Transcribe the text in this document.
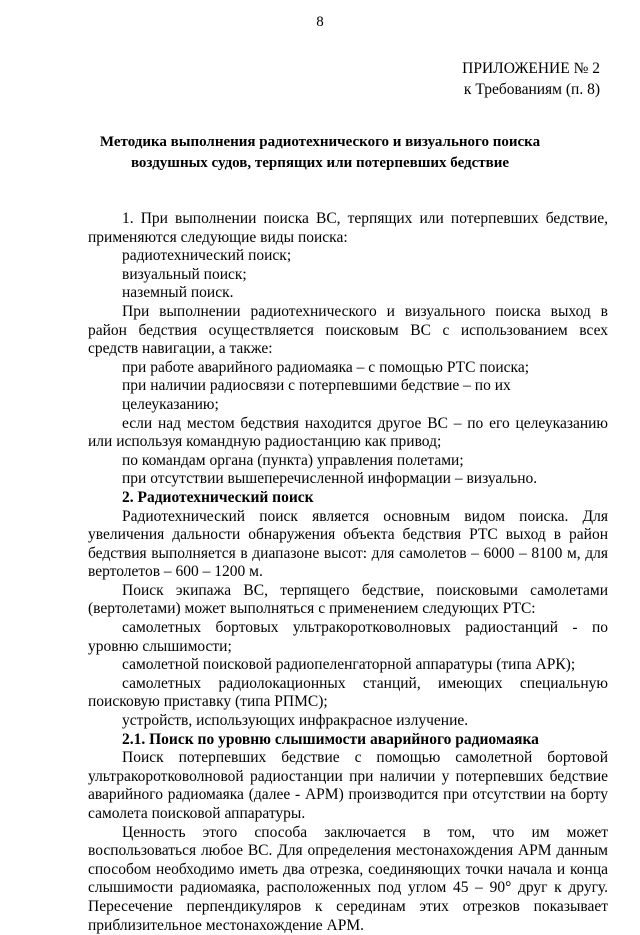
8
ПРИЛОЖЕНИЕ № 2
к Требованиям (п. 8)
Методика выполнения радиотехнического и визуального поиска
воздушных судов, терпящих или потерпевших бедствие

1. При выполнении поиска ВС, терпящих или потерпевших бедствие, применяются следующие виды поиска:

радиотехнический поиск;

визуальный поиск;

наземный поиск.

При выполнении радиотехнического и визуального поиска выход в район бедствия осуществляется поисковым ВС с использованием всех средств навигации, а также:

при работе аварийного радиомаяка – с помощью РТС поиска;

при наличии радиосвязи с потерпевшими бедствие – по их целеуказанию;

если над местом бедствия находится другое ВС – по его целеуказанию или используя командную радиостанцию как привод;

по командам органа (пункта) управления полетами;

при отсутствии вышеперечисленной информации – визуально.

2. Радиотехнический поиск

Радиотехнический поиск является основным видом поиска. Для увеличения дальности обнаружения объекта бедствия РТС выход в район бедствия выполняется в диапазоне высот: для самолетов – 6000 – 8100 м, для вертолетов – 600 – 1200 м.

Поиск экипажа ВС, терпящего бедствие, поисковыми самолетами (вертолетами) может выполняться с применением следующих РТС:

самолетных бортовых ультракоротковолновых радиостанций - по уровню слышимости;

самолетной поисковой радиопеленгаторной аппаратуры (типа АРК);

самолетных радиолокационных станций, имеющих специальную поисковую приставку (типа РПМС);

устройств, использующих инфракрасное излучение.

2.1. Поиск по уровню слышимости аварийного радиомаяка

Поиск потерпевших бедствие с помощью самолетной бортовой ультракоротковолновой радиостанции при наличии у потерпевших бедствие аварийного радиомаяка (далее - АРМ) производится при отсутствии на борту самолета поисковой аппаратуры.

Ценность этого способа заключается в том, что им может воспользоваться любое ВС. Для определения местонахождения АРМ данным способом необходимо иметь два отрезка, соединяющих точки начала и конца слышимости радиомаяка, расположенных под углом 45 – 90° друг к другу. Пересечение перпендикуляров к серединам этих отрезков показывает приблизительное местонахождение АРМ.
